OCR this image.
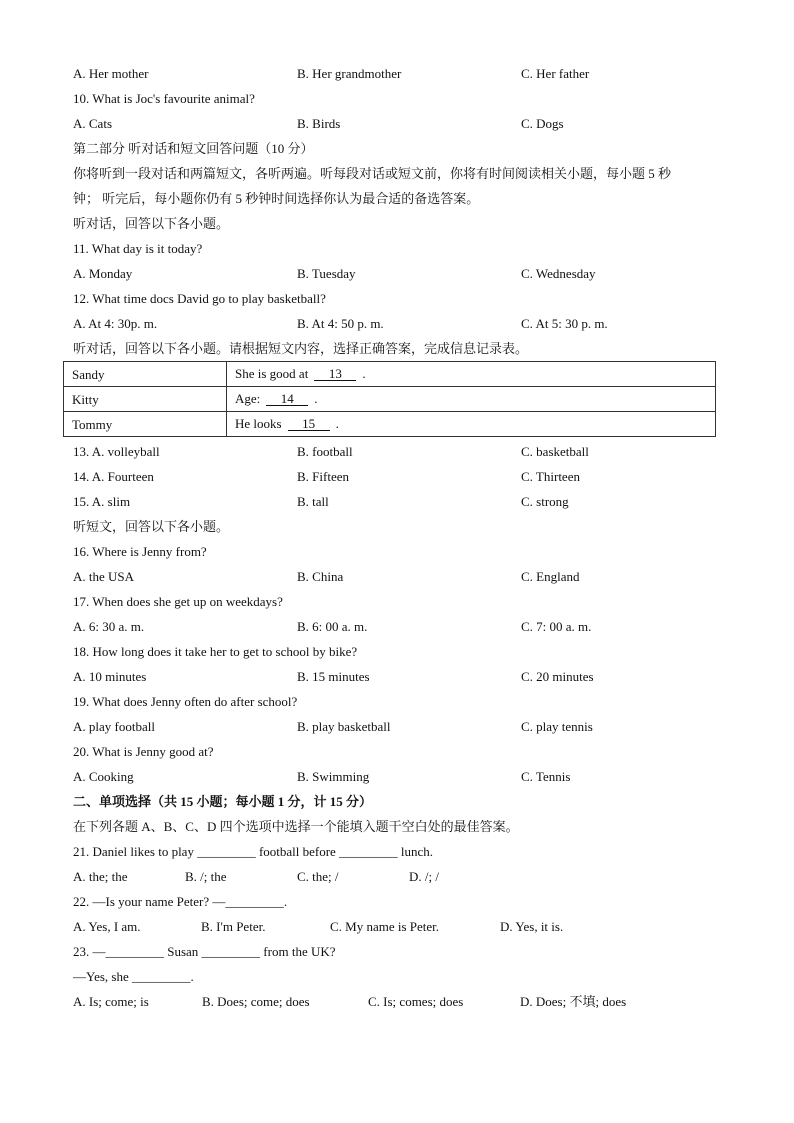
A. Her mother	B. Her grandmother	C. Her father
10. What is Joc's favourite animal?
A. Cats	B. Birds	C. Dogs
第二部分 听对话和短文回答问题（10 分）
你将听到一段对话和两篇短文，各听两遍。听每段对话或短文前，你将有时间阅读相关小题，每小题 5 秒
钟； 听完后，每小题你仍有 5 秒钟时间选择你认为最合适的备选答案。
听对话，回答以下各小题。
11. What day is it today?
A. Monday	B. Tuesday	C. Wednesday
12. What time docs David go to play basketball?
A. At 4: 30p. m.	B. At 4: 50 p. m.	C. At 5: 30 p. m.
听对话，回答以下各小题。请根据短文内容，选择正确答案，完成信息记录表。
Sandy	She is good at 13 .
Kitty	Age: 14 .
Tommy	He looks 15 .
13. A. volleyball	B. football	C. basketball
14. A. Fourteen	B. Fifteen	C. Thirteen
15. A. slim	B. tall	C. strong
听短文，回答以下各小题。
16. Where is Jenny from?
A. the USA	B. China	C. England
17. When does she get up on weekdays?
A. 6: 30 a. m.	B. 6: 00 a. m.	C. 7: 00 a. m.
18. How long does it take her to get to school by bike?
A. 10 minutes	B. 15 minutes	C. 20 minutes
19. What does Jenny often do after school?
A. play football	B. play basketball	C. play tennis
20. What is Jenny good at?
A. Cooking	B. Swimming	C. Tennis
二、单项选择（共 15 小题；每小题 1 分，计 15 分）
在下列各题 A、B、C、D 四个选项中选择一个能填入题干空白处的最佳答案。
21. Daniel likes to play _________ football before _________ lunch.
A. the; the	B. /; the	C. the; /	D. /; /
22. —Is your name Peter? —_________.
A. Yes, I am.	B. I'm Peter.	C. My name is Peter.	D. Yes, it is.
23. —_________ Susan _________ from the UK?
—Yes, she _________.
A. Is; come; is	B. Does; come; does	C. Is; comes; does	D. Does; 不填; does
